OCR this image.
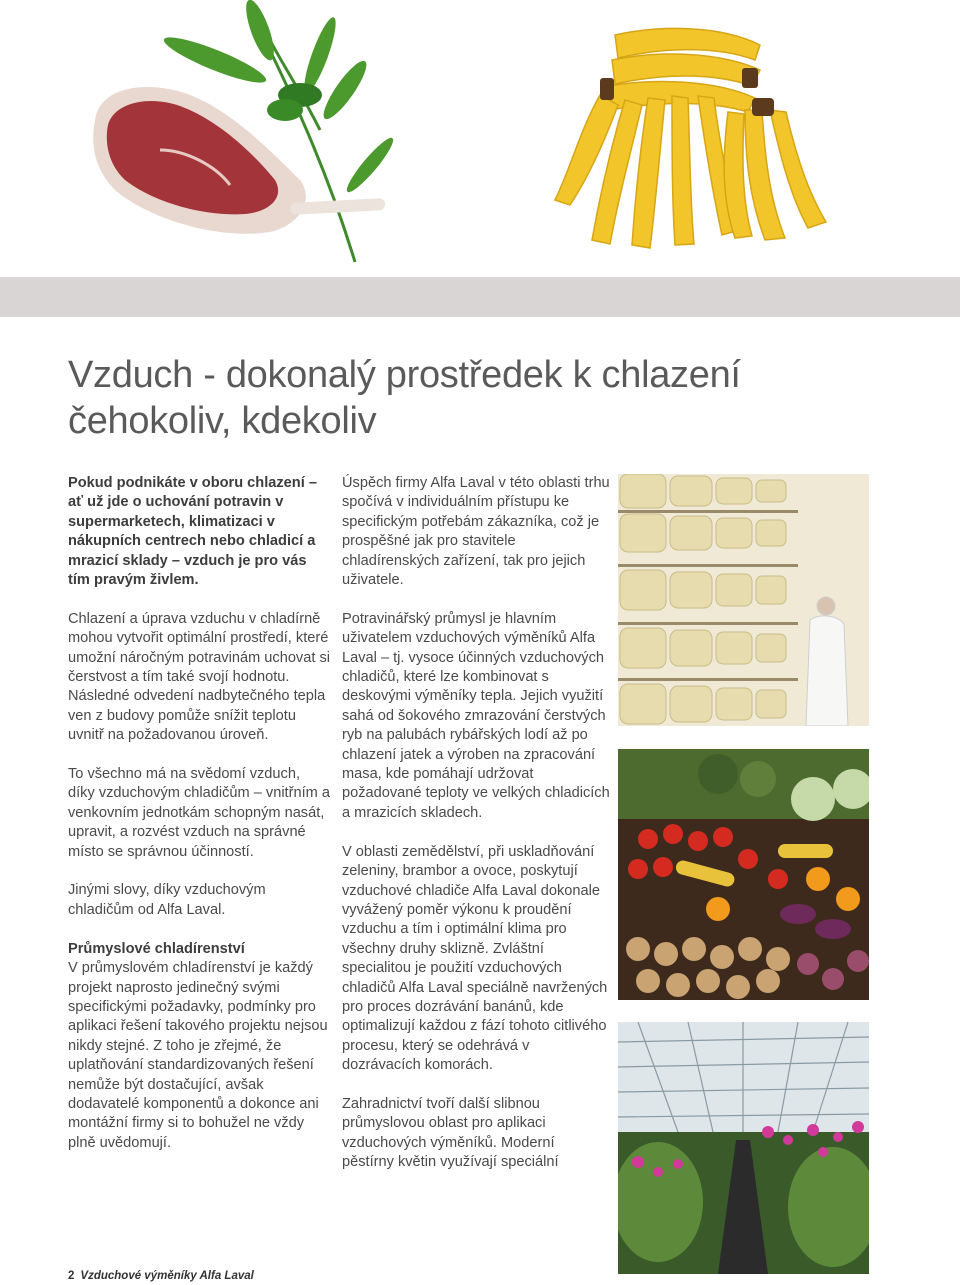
Vzduch - dokonalý prostředek k chlazení
čehokoliv, kdekoliv

Pokud podnikáte v oboru chlazení – ať už jde o uchování potravin v supermarketech, klimatizaci v nákupních centrech nebo chladicí a mrazicí sklady – vzduch je pro vás tím pravým živlem.

Chlazení a úprava vzduchu v chladírně mohou vytvořit optimální prostředí, které umožní náročným potravinám uchovat si čerstvost a tím také svojí hodnotu. Následné odvedení nadbytečného tepla ven z budovy pomůže snížit teplotu uvnitř na požadovanou úroveň.

To všechno má na svědomí vzduch, díky vzduchovým chladičům – vnitřním a venkovním jednotkám schopným nasát, upravit, a rozvést vzduch na správné místo se správnou účinností.

Jinými slovy, díky vzduchovým chladičům od Alfa Laval.

Průmyslové chladírenství

V průmyslovém chladírenství je každý projekt naprosto jedinečný svými specifickými požadavky, podmínky pro aplikaci řešení takového projektu nejsou nikdy stejné. Z toho je zřejmé, že uplatňování standardizovaných řešení nemůže být dostačující, avšak dodavatelé komponentů a dokonce ani montážní firmy si to bohužel ne vždy plně uvědomují.

Úspěch firmy Alfa Laval v této oblasti trhu spočívá v individuálním přístupu ke specifickým potřebám zákazníka, což je prospěšné jak pro stavitele chladírenských zařízení, tak pro jejich uživatele.

Potravinářský průmysl je hlavním uživatelem vzduchových výměníků Alfa Laval – tj. vysoce účinných vzduchových chladičů, které lze kombinovat s deskovými výměníky tepla. Jejich využití sahá od šokového zmrazování čerstvých ryb na palubách rybářských lodí až po chlazení jatek a výroben na zpracování masa, kde pomáhají udržovat požadované teploty ve velkých chladicích a mrazicích skladech.

V oblasti zemědělství, při uskladňování zeleniny, brambor a ovoce, poskytují vzduchové chladiče Alfa Laval dokonale vyvážený poměr výkonu k proudění vzduchu a tím i optimální klima pro všechny druhy sklizně. Zvláštní specialitou je použití vzduchových chladičů Alfa Laval speciálně navržených pro proces dozrávání banánů, kde optimalizují každou z fází tohoto citlivého procesu, který se odehrává v dozrávacích komorách.

Zahradnictví tvoří další slibnou průmyslovou oblast pro aplikaci vzduchových výměníků. Moderní pěstírny květin využívají speciální

2 Vzduchové výměníky Alfa Laval
